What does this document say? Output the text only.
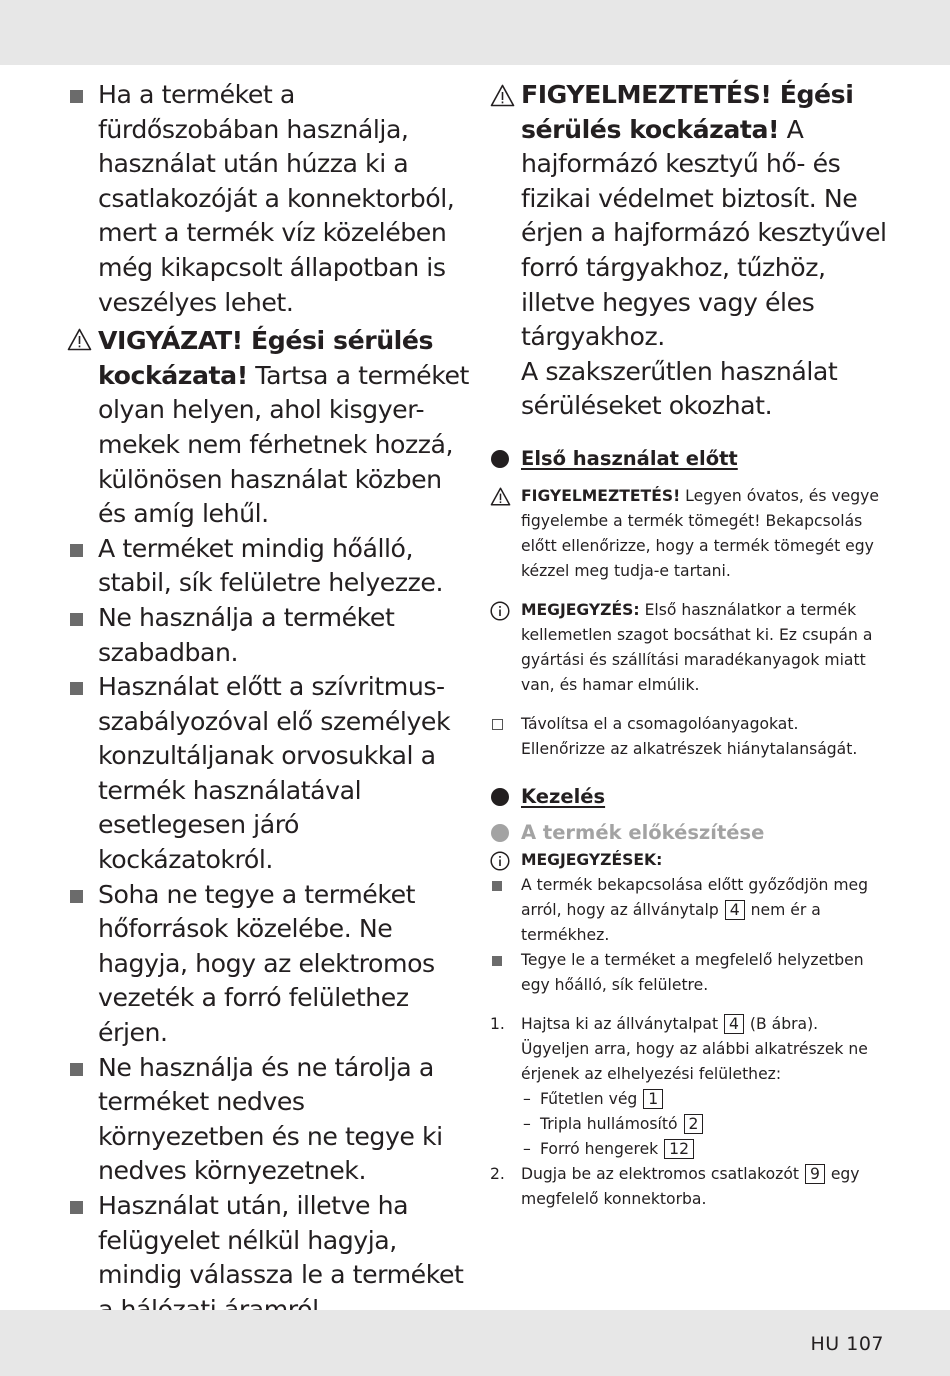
Ha a terméket a fürdőszobában használja, használat után húzza ki a csatlakozóját a konnektorból, mert a termék víz közelében még kikapcsolt állapotban is veszélyes lehet.
VIGYÁZAT! Égési sérülés kockázata! Tartsa a terméket olyan helyen, ahol kisgyer-mekek nem férhetnek hozzá, különösen használat közben és amíg lehűl.
A terméket mindig hőálló, stabil, sík felületre helyezze.
Ne használja a terméket szabadban.
Használat előtt a szívritmus-szabályozóval elő személyek konzultáljanak orvosukkal a termék használatával esetlegesen járó kockázatokról.
Soha ne tegye a terméket hőforrások közelébe. Ne hagyja, hogy az elektromos vezeték a forró felülethez érjen.
Ne használja és ne tárolja a terméket nedves környezetben és ne tegye ki nedves környezetnek.
Használat után, illetve ha felügyelet nélkül hagyja, mindig válassza le a terméket
FIGYELMEZTETÉS! Égési sérülés kockázata! A hajformázó kesztyű hő- és fizikai védelmet biztosít. Ne érjen a hajformázó kesztyűvel forró tárgyakhoz, tűzhöz, illetve hegyes vagy éles tárgyakhoz.
A szakszerűtlen használat sérüléseket okozhat.
Első használat előtt
FIGYELMEZTETÉS! Legyen óvatos, és vegye figyelembe a termék tömegét! Bekapcsolás előtt ellenőrizze, hogy a termék tömegét egy kézzel meg tudja-e tartani.
MEGJEGYZÉS: Első használatkor a termék kellemetlen szagot bocsáthat ki. Ez csupán a gyártási és szállítási maradékanyagok miatt van, és hamar elmúlik.
Távolítsa el a csomagolóanyagokat.
Ellenőrizze az alkatrészek hiánytalanságát.
Kezelés
A termék előkészítése
MEGJEGYZÉSEK:
A termék bekapcsolása előtt győződjön meg arról, hogy az állványtalp 4 nem ér a termékhez.
Tegye le a terméket a megfelelő helyzetben egy hőálló, sík felületre.
1. Hajtsa ki az állványtalpat 4 (B ábra). Ügyeljen arra, hogy az alábbi alkatrészek ne érjenek az elhelyezési felülethez:
– Fűtetlen vég 1
– Tripla hullámosító 2
– Forró hengerek 12
2. Dugja be az elektromos csatlakozót 9 egy megfelelő konnektorba.
HU 107
